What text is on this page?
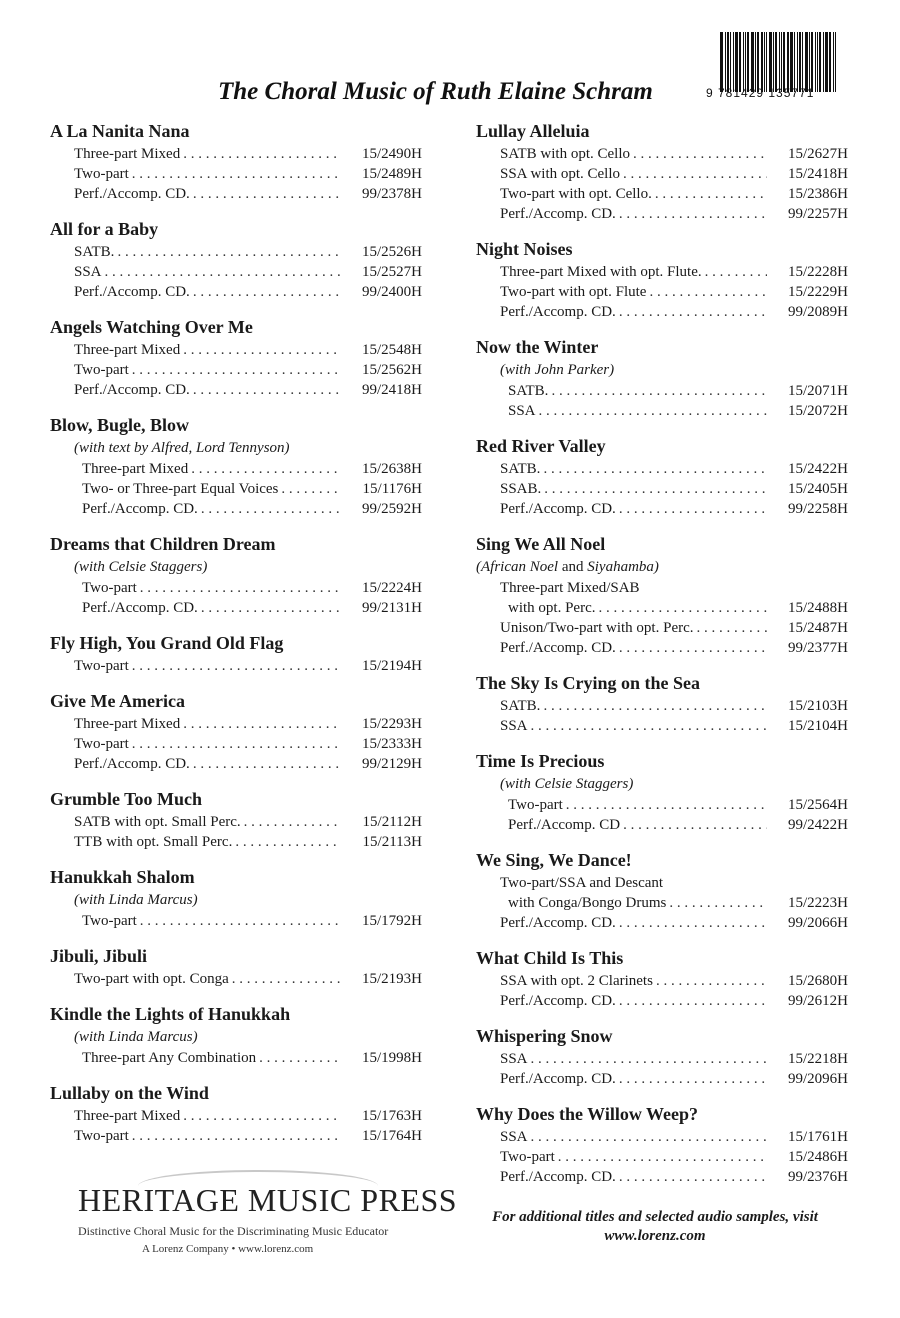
9 781429 135771
The Choral Music of Ruth Elaine Schram
A La Nanita Nana
Three-part Mixed . . .	15/2490H
Two-part . . .	15/2489H
Perf./Accomp. CD. . . .	99/2378H
All for a Baby
SATB. . . .	15/2526H
SSA . . .	15/2527H
Perf./Accomp. CD. . . .	99/2400H
Angels Watching Over Me
Three-part Mixed . . .	15/2548H
Two-part . . .	15/2562H
Perf./Accomp. CD. . . .	99/2418H
Blow, Bugle, Blow
(with text by Alfred, Lord Tennyson)
Three-part Mixed . . .	15/2638H
Two- or Three-part Equal Voices . . .	15/1176H
Perf./Accomp. CD. . . .	99/2592H
Dreams that Children Dream
(with Celsie Staggers)
Two-part . . .	15/2224H
Perf./Accomp. CD. . . .	99/2131H
Fly High, You Grand Old Flag
Two-part . . .	15/2194H
Give Me America
Three-part Mixed . . .	15/2293H
Two-part . . .	15/2333H
Perf./Accomp. CD. . . .	99/2129H
Grumble Too Much
SATB with opt. Small Perc. . . .	15/2112H
TTB with opt. Small Perc. . . .	15/2113H
Hanukkah Shalom
(with Linda Marcus)
Two-part . . .	15/1792H
Jibuli, Jibuli
Two-part with opt. Conga . . .	15/2193H
Kindle the Lights of Hanukkah
(with Linda Marcus)
Three-part Any Combination . . .	15/1998H
Lullaby on the Wind
Three-part Mixed . . .	15/1763H
Two-part . . .	15/1764H
Lullay Alleluia
SATB with opt. Cello . . .	15/2627H
SSA with opt. Cello . . .	15/2418H
Two-part with opt. Cello. . . .	15/2386H
Perf./Accomp. CD. . . .	99/2257H
Night Noises
Three-part Mixed with opt. Flute. . . .	15/2228H
Two-part with opt. Flute . . .	15/2229H
Perf./Accomp. CD. . . .	99/2089H
Now the Winter
(with John Parker)
SATB. . . .	15/2071H
SSA . . .	15/2072H
Red River Valley
SATB. . . .	15/2422H
SSAB. . . .	15/2405H
Perf./Accomp. CD. . . .	99/2258H
Sing We All Noel
(African Noel and Siyahamba)
Three-part Mixed/SAB
with opt. Perc. . . .	15/2488H
Unison/Two-part with opt. Perc. . . .	15/2487H
Perf./Accomp. CD. . . .	99/2377H
The Sky Is Crying on the Sea
SATB. . . .	15/2103H
SSA . . .	15/2104H
Time Is Precious
(with Celsie Staggers)
Two-part . . .	15/2564H
Perf./Accomp. CD . . .	99/2422H
We Sing, We Dance!
Two-part/SSA and Descant
with Conga/Bongo Drums . . .	15/2223H
Perf./Accomp. CD. . . .	99/2066H
What Child Is This
SSA with opt. 2 Clarinets . . .	15/2680H
Perf./Accomp. CD. . . .	99/2612H
Whispering Snow
SSA . . .	15/2218H
Perf./Accomp. CD. . . .	99/2096H
Why Does the Willow Weep?
SSA . . .	15/1761H
Two-part . . .	15/2486H
Perf./Accomp. CD. . . .	99/2376H
HERITAGE MUSIC PRESS
Distinctive Choral Music for the Discriminating Music Educator
A Lorenz Company • www.lorenz.com
For additional titles and selected audio samples, visit www.lorenz.com
